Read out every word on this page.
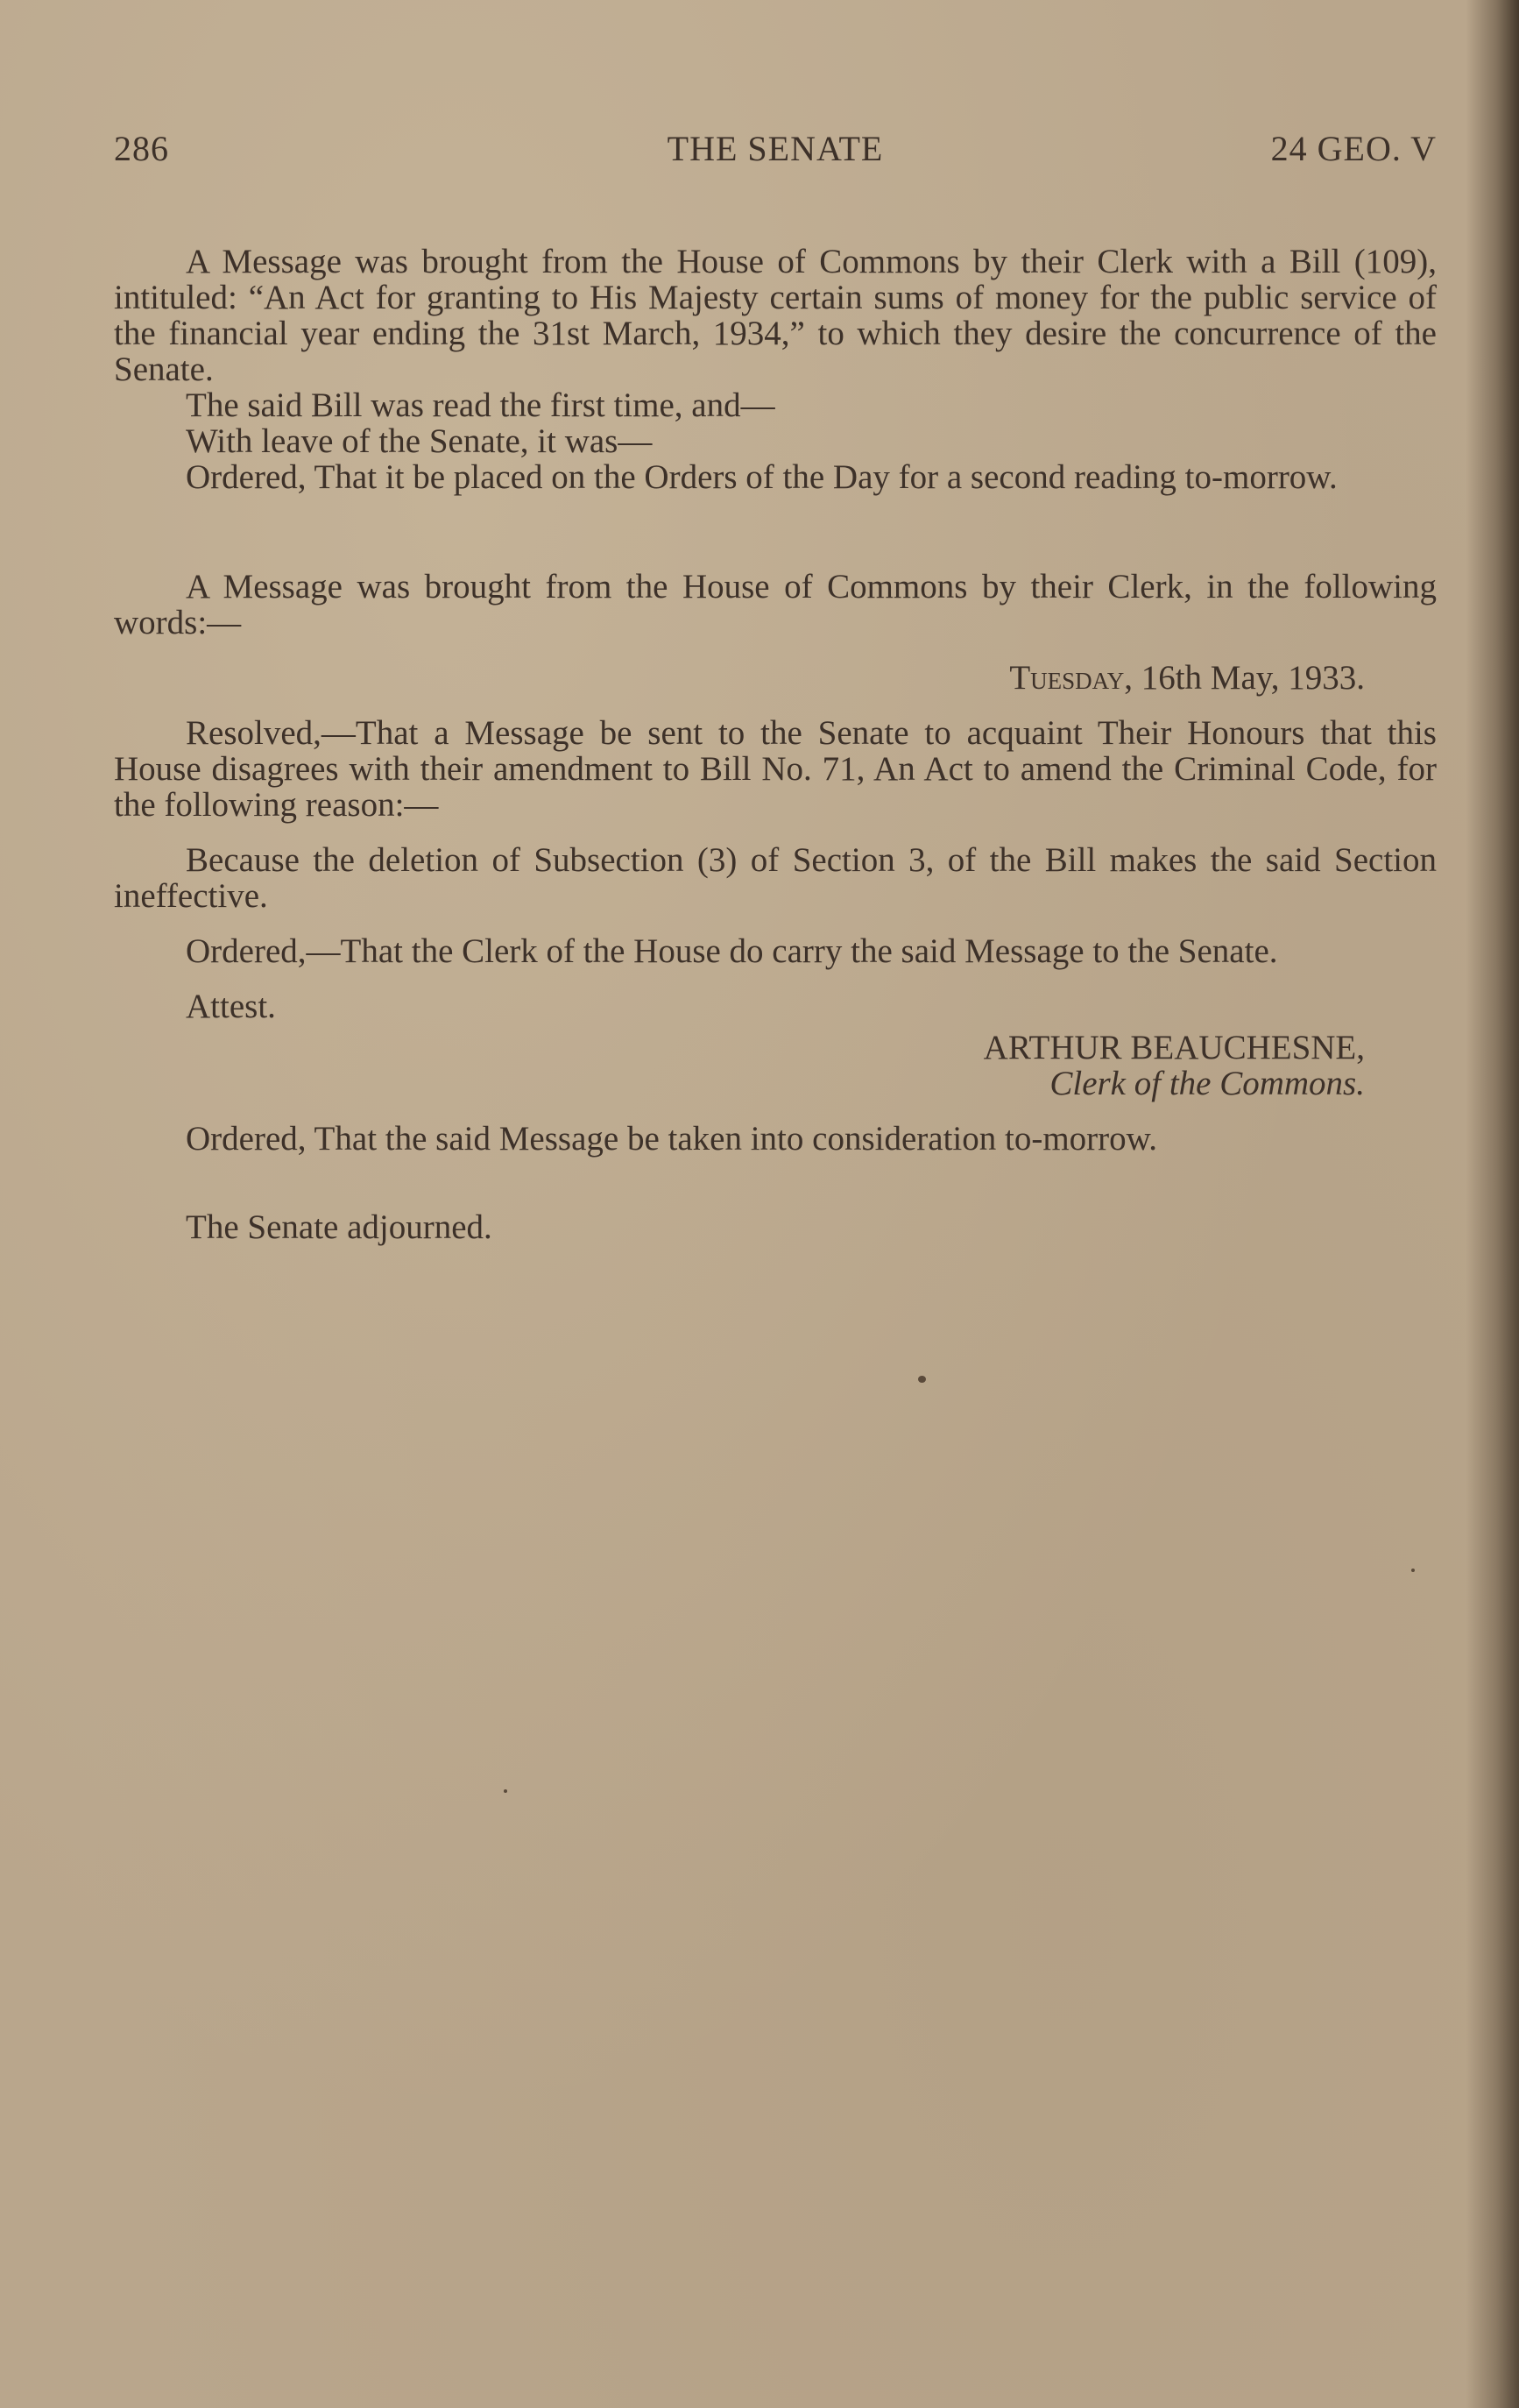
286	THE SENATE	24 GEO. V

A Message was brought from the House of Commons by their Clerk with a Bill (109), intituled: “An Act for granting to His Majesty certain sums of money for the public service of the financial year ending the 31st March, 1934,” to which they desire the concurrence of the Senate.

The said Bill was read the first time, and—

With leave of the Senate, it was—

Ordered, That it be placed on the Orders of the Day for a second reading to-morrow.

A Message was brought from the House of Commons by their Clerk, in the following words:—

Tuesday, 16th May, 1933.

Resolved,—That a Message be sent to the Senate to acquaint Their Honours that this House disagrees with their amendment to Bill No. 71, An Act to amend the Criminal Code, for the following reason:—

Because the deletion of Subsection (3) of Section 3, of the Bill makes the said Section ineffective.

Ordered,—That the Clerk of the House do carry the said Message to the Senate.

Attest.
ARTHUR BEAUCHESNE,
Clerk of the Commons.

Ordered, That the said Message be taken into consideration to-morrow.

The Senate adjourned.
